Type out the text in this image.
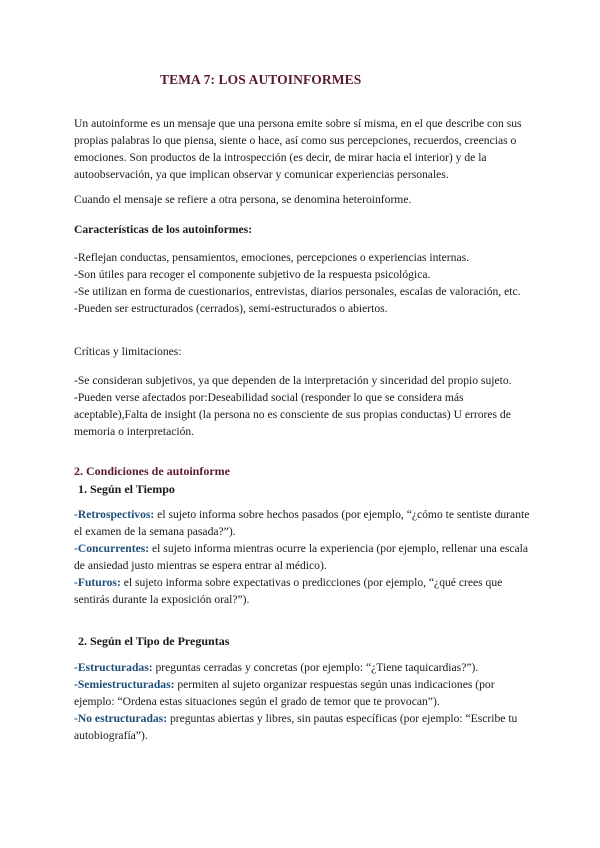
TEMA 7: LOS AUTOINFORMES

Un autoinforme es un mensaje que una persona emite sobre sí misma, en el que describe con sus propias palabras lo que piensa, siente o hace, así como sus percepciones, recuerdos, creencias o emociones. Son productos de la introspección (es decir, de mirar hacia el interior) y de la autoobservación, ya que implican observar y comunicar experiencias personales.

Cuando el mensaje se refiere a otra persona, se denomina heteroinforme.

Características de los autoinformes:

-Reflejan conductas, pensamientos, emociones, percepciones o experiencias internas.
-Son útiles para recoger el componente subjetivo de la respuesta psicológica.
-Se utilizan en forma de cuestionarios, entrevistas, diarios personales, escalas de valoración, etc.
-Pueden ser estructurados (cerrados), semi-estructurados o abiertos.

Críticas y limitaciones:

-Se consideran subjetivos, ya que dependen de la interpretación y sinceridad del propio sujeto.
-Pueden verse afectados por:Deseabilidad social (responder lo que se considera más aceptable),Falta de insight (la persona no es consciente de sus propias conductas) U errores de memoria o interpretación.

2. Condiciones de autoinforme

1. Según el Tiempo

-Retrospectivos: el sujeto informa sobre hechos pasados (por ejemplo, “¿cómo te sentiste durante el examen de la semana pasada?”).
-Concurrentes: el sujeto informa mientras ocurre la experiencia (por ejemplo, rellenar una escala de ansiedad justo mientras se espera entrar al médico).
-Futuros: el sujeto informa sobre expectativas o predicciones (por ejemplo, “¿qué crees que sentirás durante la exposición oral?”).

2. Según el Tipo de Preguntas

-Estructuradas: preguntas cerradas y concretas (por ejemplo: “¿Tiene taquicardias?”).
-Semiestructuradas: permiten al sujeto organizar respuestas según unas indicaciones (por ejemplo: “Ordena estas situaciones según el grado de temor que te provocan”).
-No estructuradas: preguntas abiertas y libres, sin pautas específicas (por ejemplo: “Escribe tu autobiografía”).
